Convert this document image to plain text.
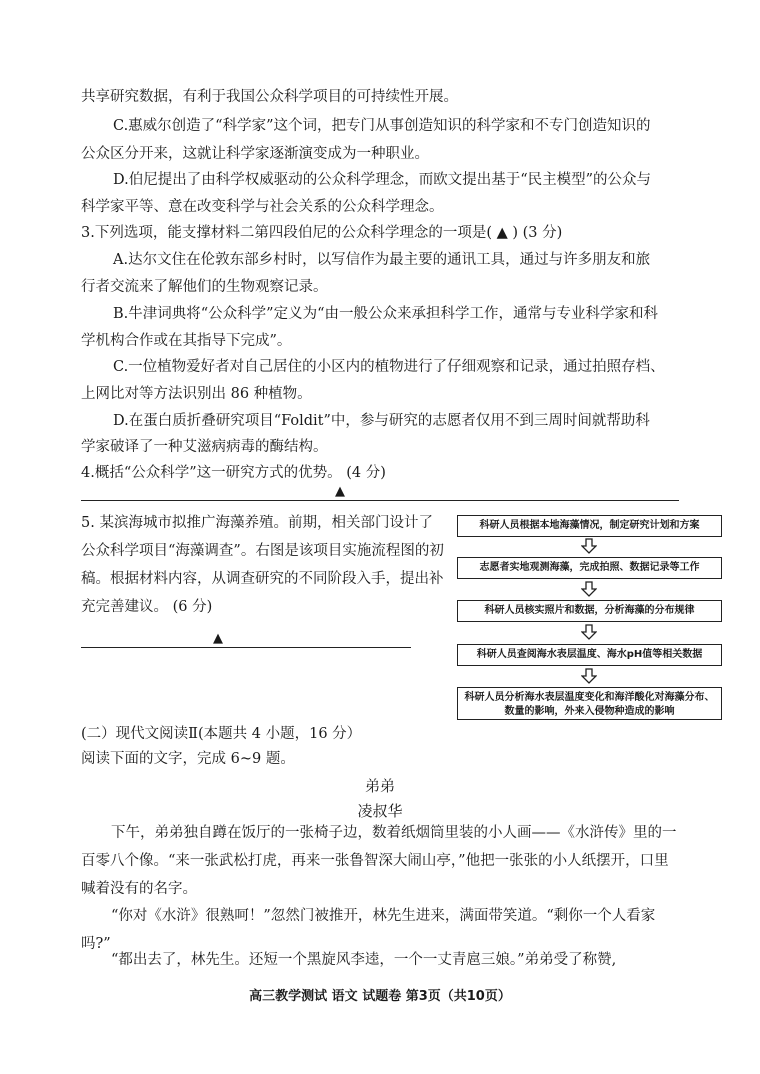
共享研究数据，有利于我国公众科学项目的可持续性开展。
C.惠威尔创造了“科学家”这个词，把专门从事创造知识的科学家和不专门创造知识的
公众区分开来，这就让科学家逐渐演变成为一种职业。
D.伯尼提出了由科学权威驱动的公众科学理念，而欧文提出基于“民主模型”的公众与
科学家平等、意在改变科学与社会关系的公众科学理念。
3.下列选项，能支撑材料二第四段伯尼的公众科学理念的一项是( ▲ ) (3 分)
A.达尔文住在伦敦东部乡村时，以写信作为最主要的通讯工具，通过与许多朋友和旅
行者交流来了解他们的生物观察记录。
B.牛津词典将“公众科学”定义为“由一般公众来承担科学工作，通常与专业科学家和科
学机构合作或在其指导下完成”。
C.一位植物爱好者对自己居住的小区内的植物进行了仔细观察和记录，通过拍照存档、
上网比对等方法识别出 86 种植物。
D.在蛋白质折叠研究项目“Foldit”中，参与研究的志愿者仅用不到三周时间就帮助科
学家破译了一种艾滋病病毒的酶结构。
4.概括“公众科学”这一研究方式的优势。 (4 分)
▲
5. 某滨海城市拟推广海藻养殖。前期，相关部门设计了公众科学项目“海藻调查”。右图是该项目实施流程图的初稿。根据材料内容，从调查研究的不同阶段入手，提出补充完善建议。 (6 分)
▲
科研人员根据本地海藻情况，制定研究计划和方案
志愿者实地观测海藻，完成拍照、数据记录等工作
科研人员核实照片和数据，分析海藻的分布规律
科研人员查阅海水表层温度、海水pH值等相关数据
科研人员分析海水表层温度变化和海洋酸化对海藻分布、数量的影响，外来入侵物种造成的影响
(二）现代文阅读Ⅱ(本题共 4 小题，16 分）
阅读下面的文字，完成 6~9 题。
弟弟
凌叔华
下午，弟弟独自蹲在饭厅的一张椅子边，数着纸烟筒里装的小人画——《水浒传》里的一百零八个像。“来一张武松打虎，再来一张鲁智深大闹山亭，”他把一张张的小人纸摆开，口里喊着没有的名字。
“你对《水浒》很熟呵！”忽然门被推开，林先生进来，满面带笑道。“剩你一个人看家吗?”
“都出去了，林先生。还短一个黑旋风李逵，一个一丈青扈三娘。”弟弟受了称赞,
高三教学测试 语文 试题卷 第3页（共10页）
